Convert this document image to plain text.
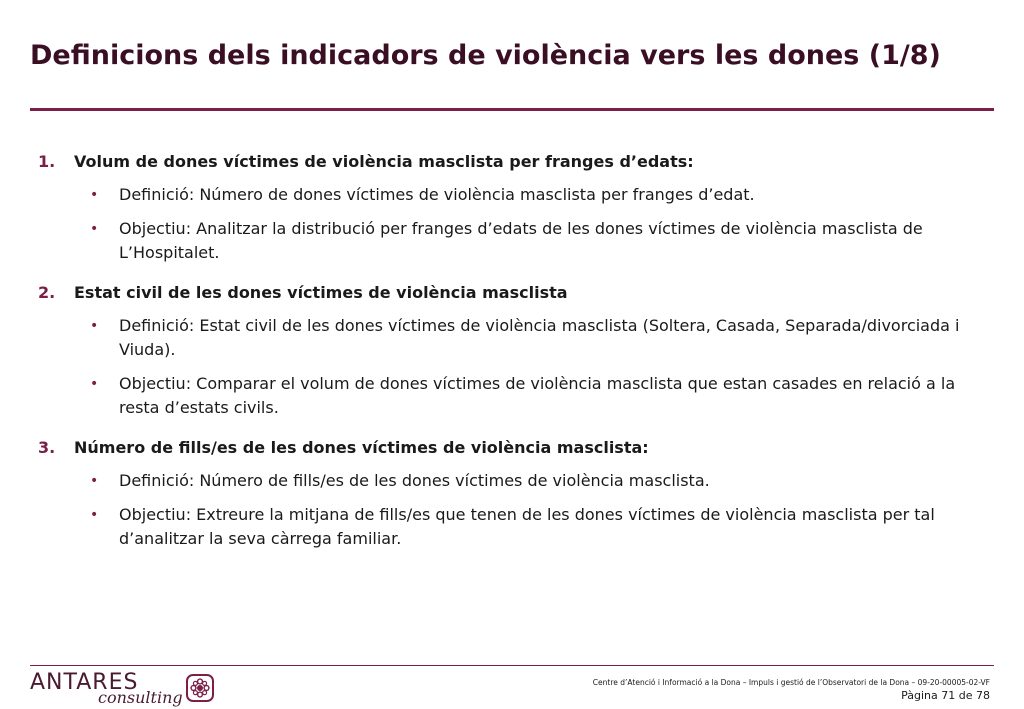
Definicions dels indicadors de violència vers les dones (1/8)
1.	Volum de dones víctimes de violència masclista per franges d’edats:
•	Definició: Número de dones víctimes de violència masclista per franges d’edat.
•	Objectiu: Analitzar la distribució per franges d’edats de les dones víctimes de violència masclista de L’Hospitalet.
2.	Estat civil de les dones víctimes de violència masclista
•	Definició: Estat civil de les dones víctimes de violència masclista (Soltera, Casada, Separada/divorciada i Viuda).
•	Objectiu: Comparar el volum de dones víctimes de violència masclista que estan casades en relació a la resta d’estats civils.
3.	Número de fills/es de les dones víctimes de violència masclista:
•	Definició: Número de fills/es de les dones víctimes de violència masclista.
•	Objectiu: Extreure la mitjana de fills/es que tenen de les dones víctimes de violència masclista per tal d’analitzar la seva càrrega familiar.
ANTARES
consulting
Centre d’Atenció i Informació a la Dona – Impuls i gestió de l’Observatori de la Dona – 09-20-00005-02-VF
Pàgina 71 de 78
